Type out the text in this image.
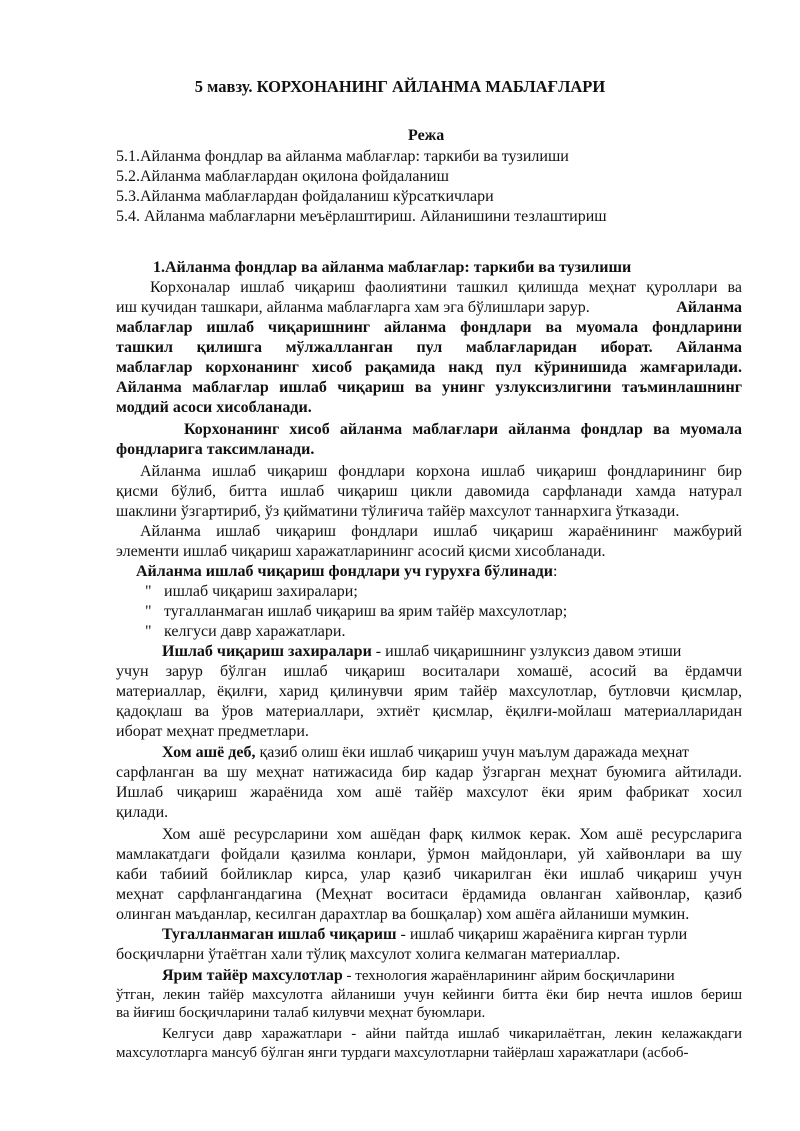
5 мавзу. КОРХОНАНИНГ АЙЛАНМА МАБЛАҒЛАРИ
Режа
5.1.Айланма фондлар ва айланма маблағлар: таркиби ва тузилиши
5.2.Айланма маблағлардан оқилона фойдаланиш
5.3.Айланма маблағлардан фойдаланиш кўрсаткичлари
5.4. Айланма маблағларни меъёрлаштириш. Айланишини тезлаштириш
1.Айланма фондлар ва айланма маблағлар: таркиби ва тузилиши
Корхоналар ишлаб чиқариш фаолиятини ташкил қилишда меҳнат қуроллари ва
иш кучидан ташкари, айланма маблағларга хам эга бўлишлари зарур.	Айланма
маблағлар ишлаб чиқаришнинг айланма фондлари ва муомала фондларини
ташкил қилишга мўлжалланган пул маблағларидан иборат. Айланма
маблағлар корхонанинг хисоб рақамида накд пул кўринишида жамғарилади.
Айланма маблағлар ишлаб чиқариш ва унинг узлуксизлигини таъминлашнинг
моддий асоси хисобланади.
Корхонанинг хисоб айланма маблағлари айланма фондлар ва муомала
фондларига таксимланади.
Айланма ишлаб чиқариш фондлари корхона ишлаб чиқариш фондларининг бир
қисми бўлиб, битта ишлаб чиқариш цикли давомида сарфланади хамда натурал
шаклини ўзгартириб, ўз қийматини тўлиғича тайёр махсулот таннархига ўтказади.
Айланма ишлаб чиқариш фондлари ишлаб чиқариш жараёнининг мажбурий
элементи ишлаб чиқариш харажатларининг асосий қисми хисобланади.
Айланма ишлаб чиқариш фондлари уч гурухға бўлинади:
" ишлаб чиқариш захиралари;
" тугалланмаган ишлаб чиқариш ва ярим тайёр махсулотлар;
" келгуси давр харажатлари.
Ишлаб чиқариш захиралари - ишлаб чиқаришнинг узлуксиз давом этиши
учун зарур бўлган ишлаб чиқариш воситалари хомашё, асосий ва ёрдамчи
материаллар, ёқилғи, харид қилинувчи ярим тайёр махсулотлар, бутловчи қисмлар,
қадоқлаш ва ўров материаллари, эхтиёт қисмлар, ёқилғи-мойлаш материалларидан
иборат меҳнат предметлари.
Хом ашё деб, қазиб олиш ёки ишлаб чиқариш учун маълум даражада меҳнат
сарфланган ва шу меҳнат натижасида бир кадар ўзгарган меҳнат буюмига айтилади.
Ишлаб чиқариш жараёнида хом ашё тайёр махсулот ёки ярим фабрикат хосил
қилади.
Хом ашё ресурсларини хом ашёдан фарқ килмок керак. Хом ашё ресурсларига
мамлакатдаги фойдали қазилма конлари, ўрмон майдонлари, уй хайвонлари ва шу
каби табиий бойликлар кирса, улар қазиб чикарилган ёки ишлаб чиқариш учун
меҳнат сарфлангандагина (Меҳнат воситаси ёрдамида овланган хайвонлар, қазиб
олинган маъданлар, кесилган дарахтлар ва бошқалар) хом ашёга айланиши мумкин.
Тугалланмаган ишлаб чиқариш - ишлаб чиқариш жараёнига кирган турли
босқичларни ўтаётган хали тўлиқ махсулот холига келмаган материаллар.
Ярим тайёр махсулотлар - технология жараёнларининг айрим босқичларини
ўтган, лекин тайёр махсулотга айланиши учун кейинги битта ёки бир нечта ишлов бериш
ва йиғиш босқичларини талаб килувчи меҳнат буюмлари.
Келгуси давр харажатлари - айни пайтда ишлаб чикарилаётган, лекин келажакдаги
махсулотларга мансуб бўлган янги турдаги махсулотларни тайёрлаш харажатлари (асбоб-
